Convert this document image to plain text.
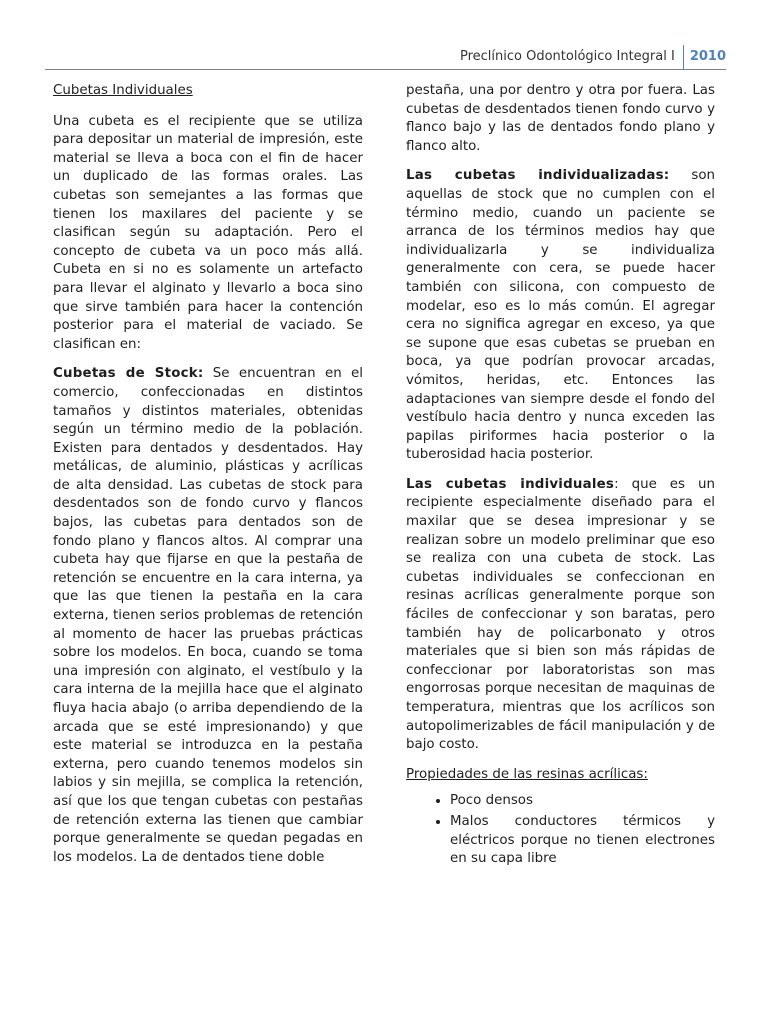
Preclínico Odontológico Integral I	2010

Cubetas Individuales

Una cubeta es el recipiente que se utiliza para depositar un material de impresión, este material se lleva a boca con el fin de hacer un duplicado de las formas orales. Las cubetas son semejantes a las formas que tienen los maxilares del paciente y se clasifican según su adaptación. Pero el concepto de cubeta va un poco más allá. Cubeta en si no es solamente un artefacto para llevar el alginato y llevarlo a boca sino que sirve también para hacer la contención posterior para el material de vaciado. Se clasifican en:

Cubetas de Stock: Se encuentran en el comercio, confeccionadas en distintos tamaños y distintos materiales, obtenidas según un término medio de la población. Existen para dentados y desdentados. Hay metálicas, de aluminio, plásticas y acrílicas de alta densidad. Las cubetas de stock para desdentados son de fondo curvo y flancos bajos, las cubetas para dentados son de fondo plano y flancos altos. Al comprar una cubeta hay que fijarse en que la pestaña de retención se encuentre en la cara interna, ya que las que tienen la pestaña en la cara externa, tienen serios problemas de retención al momento de hacer las pruebas prácticas sobre los modelos. En boca, cuando se toma una impresión con alginato, el vestíbulo y la cara interna de la mejilla hace que el alginato fluya hacia abajo (o arriba dependiendo de la arcada que se esté impresionando) y que este material se introduzca en la pestaña externa, pero cuando tenemos modelos sin labios y sin mejilla, se complica la retención, así que los que tengan cubetas con pestañas de retención externa las tienen que cambiar porque generalmente se quedan pegadas en los modelos. La de dentados tiene doble

pestaña, una por dentro y otra por fuera. Las cubetas de desdentados tienen fondo curvo y flanco bajo y las de dentados fondo plano y flanco alto.

Las cubetas individualizadas: son aquellas de stock que no cumplen con el término medio, cuando un paciente se arranca de los términos medios hay que individualizarla y se individualiza generalmente con cera, se puede hacer también con silicona, con compuesto de modelar, eso es lo más común. El agregar cera no significa agregar en exceso, ya que se supone que esas cubetas se prueban en boca, ya que podrían provocar arcadas, vómitos, heridas, etc. Entonces las adaptaciones van siempre desde el fondo del vestíbulo hacia dentro y nunca exceden las papilas piriformes hacia posterior o la tuberosidad hacia posterior.

Las cubetas individuales: que es un recipiente especialmente diseñado para el maxilar que se desea impresionar y se realizan sobre un modelo preliminar que eso se realiza con una cubeta de stock. Las cubetas individuales se confeccionan en resinas acrílicas generalmente porque son fáciles de confeccionar y son baratas, pero también hay de policarbonato y otros materiales que si bien son más rápidas de confeccionar por laboratoristas son mas engorrosas porque necesitan de maquinas de temperatura, mientras que los acrílicos son autopolimerizables de fácil manipulación y de bajo costo.

Propiedades de las resinas acrílicas:

• Poco densos
• Malos conductores térmicos y eléctricos porque no tienen electrones en su capa libre
